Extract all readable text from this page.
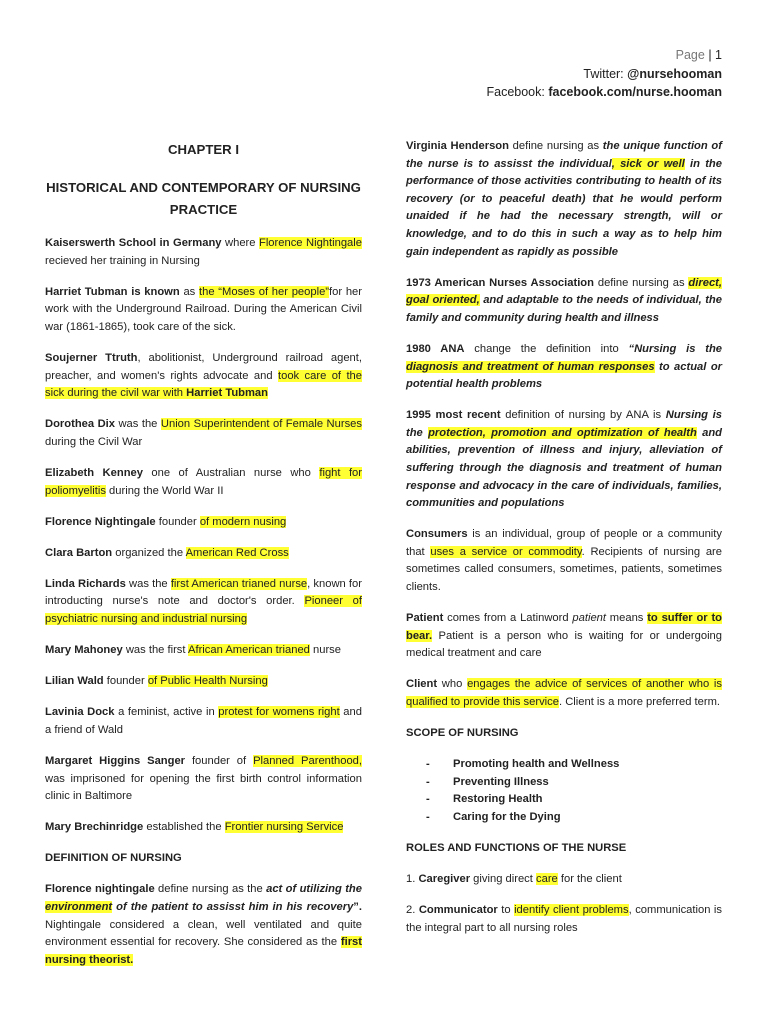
Page | 1
Twitter: @nursehooman
Facebook: facebook.com/nurse.hooman
CHAPTER I
HISTORICAL AND CONTEMPORARY OF NURSING PRACTICE

Kaiserswerth School in Germany where Florence Nightingale recieved her training in Nursing

Harriet Tubman is known as the “Moses of her people”for her work with the Underground Railroad. During the American Civil war (1861-1865), took care of the sick.

Soujerner Ttruth, abolitionist, Underground railroad agent, preacher, and women's rights advocate and took care of the sick during the civil war with Harriet Tubman

Dorothea Dix was the Union Superintendent of Female Nurses during the Civil War

Elizabeth Kenney one of Australian nurse who fight for poliomyelitis during the World War II

Florence Nightingale founder of modern nusing

Clara Barton organized the American Red Cross

Linda Richards was the first American trianed nurse, known for introducting nurse's note and doctor's order. Pioneer of psychiatric nursing and industrial nursing

Mary Mahoney was the first African American trianed nurse

Lilian Wald founder of Public Health Nursing

Lavinia Dock a feminist, active in protest for womens right and a friend of Wald

Margaret Higgins Sanger founder of Planned Parenthood, was imprisoned for opening the first birth control information clinic in Baltimore

Mary Brechinridge established the Frontier nursing Service

DEFINITION OF NURSING

Florence nightingale define nursing as the act of utilizing the environment of the patient to assisst him in his recovery”. Nightingale considered a clean, well ventilated and quite environment essential for recovery. She considered as the first nursing theorist.

Virginia Henderson define nursing as the unique function of the nurse is to assisst the individual, sick or well in the performance of those activities contributing to health of its recovery (or to peaceful death) that he would perform unaided if he had the necessary strength, will or knowledge, and to do this in such a way as to help him gain independent as rapidly as possible

1973 American Nurses Association define nursing as direct, goal oriented, and adaptable to the needs of individual, the family and community during health and illness

1980 ANA change the definition into “Nursing is the diagnosis and treatment of human responses to actual or potential health problems

1995 most recent definition of nursing by ANA is Nursing is the protection, promotion and optimization of health and abilities, prevention of illness and injury, alleviation of suffering through the diagnosis and treatment of human response and advocacy in the care of individuals, families, communities and populations

Consumers is an individual, group of people or a community that uses a service or commodity. Recipients of nursing are sometimes called consumers, sometimes, patients, sometimes clients.

Patient comes from a Latinword patient means to suffer or to bear. Patient is a person who is waiting for or undergoing medical treatment and care

Client who engages the advice of services of another who is qualified to provide this service. Client is a more preferred term.

SCOPE OF NURSING
- Promoting health and Wellness
- Preventing Illness
- Restoring Health
- Caring for the Dying
ROLES AND FUNCTIONS OF THE NURSE

1. Caregiver giving direct care for the client

2. Communicator to identify client problems, communication is the integral part to all nursing roles
